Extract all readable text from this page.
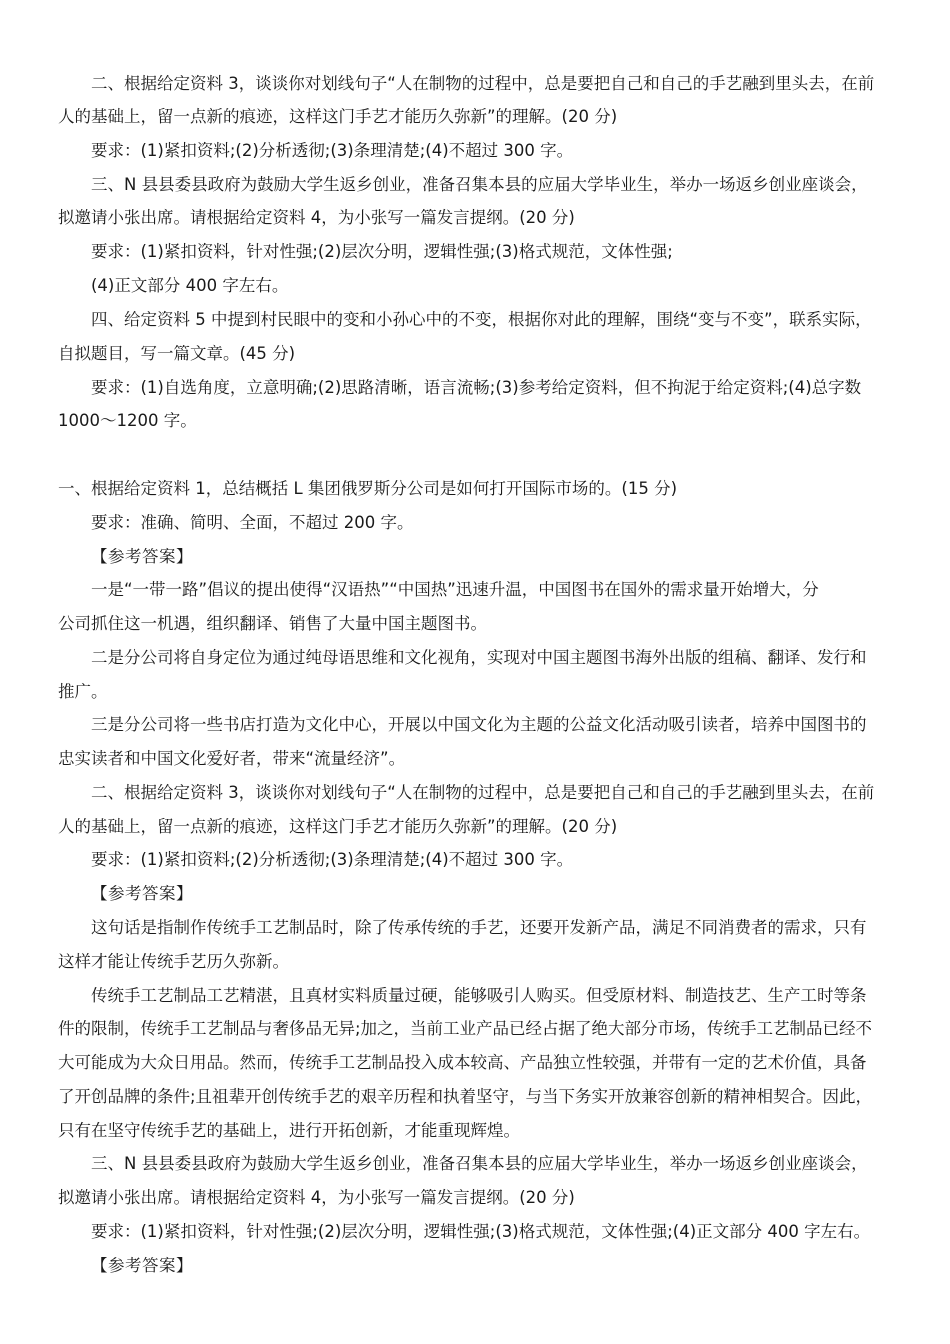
二、根据给定资料 3，谈谈你对划线句子“人在制物的过程中，总是要把自己和自己的手艺融到里头去，在前
人的基础上，留一点新的痕迹，这样这门手艺才能历久弥新”的理解。(20 分)
要求：(1)紧扣资料;(2)分析透彻;(3)条理清楚;(4)不超过 300 字。
三、N 县县委县政府为鼓励大学生返乡创业，准备召集本县的应届大学毕业生，举办一场返乡创业座谈会，
拟邀请小张出席。请根据给定资料 4，为小张写一篇发言提纲。(20 分)
要求：(1)紧扣资料，针对性强;(2)层次分明，逻辑性强;(3)格式规范，文体性强;
(4)正文部分 400 字左右。
四、给定资料 5 中提到村民眼中的变和小孙心中的不变，根据你对此的理解，围绕“变与不变”，联系实际，
自拟题目，写一篇文章。(45 分)
要求：(1)自选角度，立意明确;(2)思路清晰，语言流畅;(3)参考给定资料，但不拘泥于给定资料;(4)总字数
1000～1200 字。
一、根据给定资料 1，总结概括 L 集团俄罗斯分公司是如何打开国际市场的。(15 分)
要求：准确、简明、全面，不超过 200 字。
【参考答案】
一是“一带一路”倡议的提出使得“汉语热”“中国热”迅速升温，中国图书在国外的需求量开始增大，分
公司抓住这一机遇，组织翻译、销售了大量中国主题图书。
二是分公司将自身定位为通过纯母语思维和文化视角，实现对中国主题图书海外出版的组稿、翻译、发行和
推广。
三是分公司将一些书店打造为文化中心，开展以中国文化为主题的公益文化活动吸引读者，培养中国图书的
忠实读者和中国文化爱好者，带来“流量经济”。
二、根据给定资料 3，谈谈你对划线句子“人在制物的过程中，总是要把自己和自己的手艺融到里头去，在前
人的基础上，留一点新的痕迹，这样这门手艺才能历久弥新”的理解。(20 分)
要求：(1)紧扣资料;(2)分析透彻;(3)条理清楚;(4)不超过 300 字。
【参考答案】
这句话是指制作传统手工艺制品时，除了传承传统的手艺，还要开发新产品，满足不同消费者的需求，只有
这样才能让传统手艺历久弥新。
传统手工艺制品工艺精湛，且真材实料质量过硬，能够吸引人购买。但受原材料、制造技艺、生产工时等条
件的限制，传统手工艺制品与奢侈品无异;加之，当前工业产品已经占据了绝大部分市场，传统手工艺制品已经不
大可能成为大众日用品。然而，传统手工艺制品投入成本较高、产品独立性较强，并带有一定的艺术价值，具备
了开创品牌的条件;且祖辈开创传统手艺的艰辛历程和执着坚守，与当下务实开放兼容创新的精神相契合。因此，
只有在坚守传统手艺的基础上，进行开拓创新，才能重现辉煌。
三、N 县县委县政府为鼓励大学生返乡创业，准备召集本县的应届大学毕业生，举办一场返乡创业座谈会，
拟邀请小张出席。请根据给定资料 4，为小张写一篇发言提纲。(20 分)
要求：(1)紧扣资料，针对性强;(2)层次分明，逻辑性强;(3)格式规范，文体性强;(4)正文部分 400 字左右。
【参考答案】
